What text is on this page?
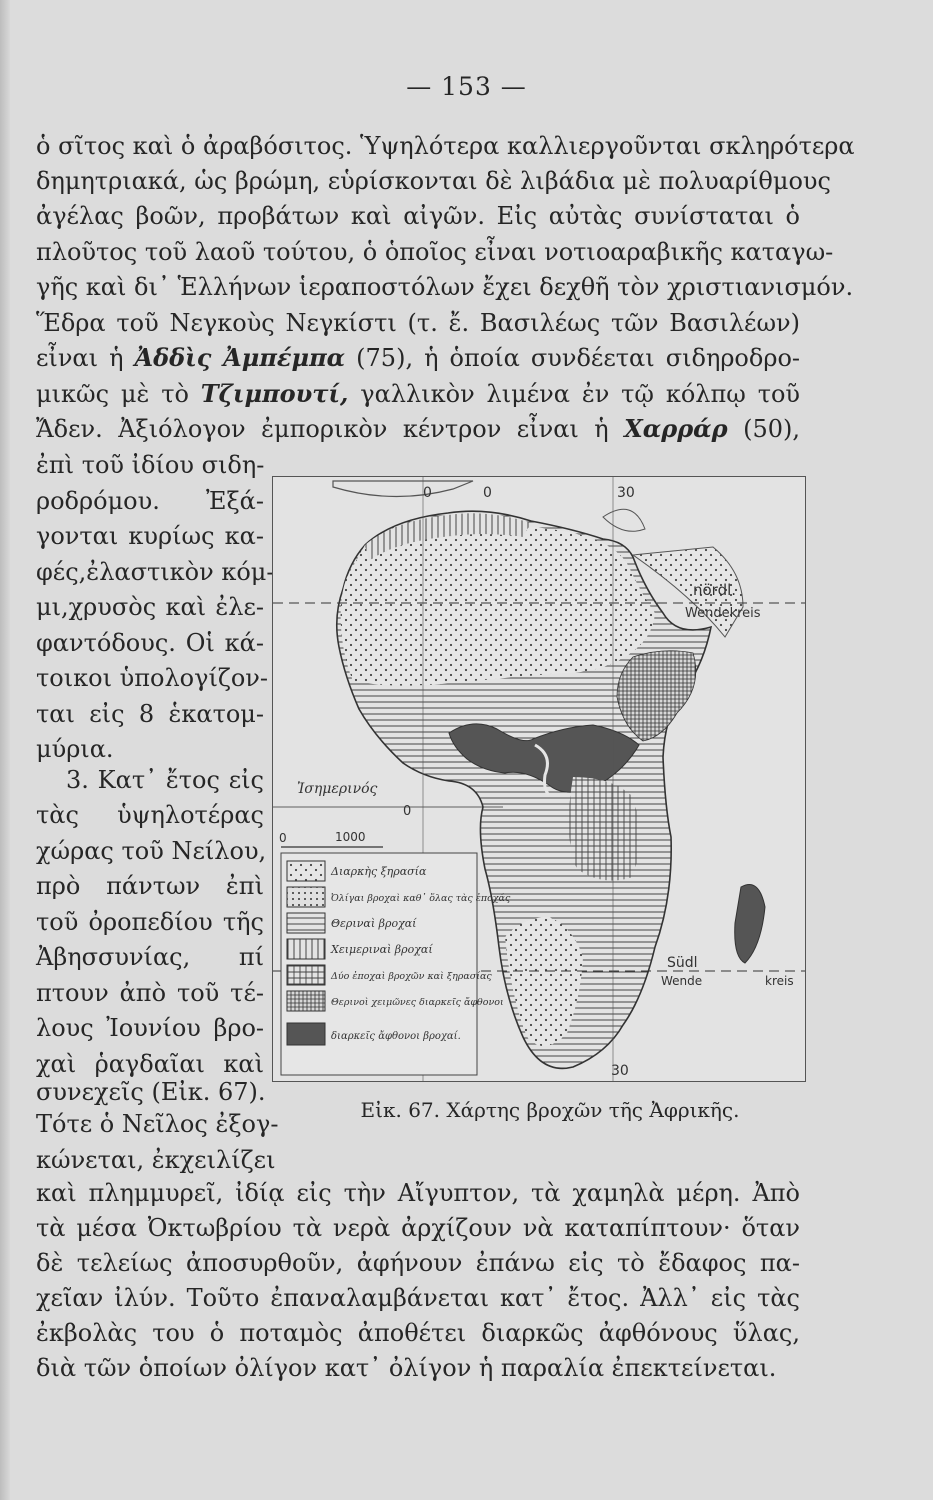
— 153 —
ὁ σῖτος καὶ ὁ ἀραβόσιτος. Ὑψηλότερα καλλιεργοῦνται σκληρότερα
δημητριακά, ὡς βρώμη, εὑρίσκονται δὲ λιβάδια μὲ πολυαρίθμους
ἀγέλας βοῶν, προβάτων καὶ αἰγῶν. Εἰς αὐτὰς συνίσταται ὁ
πλοῦτος τοῦ λαοῦ τούτου, ὁ ὁποῖος εἶναι νοτιοαραβικῆς καταγω-
γῆς καὶ δι᾽ Ἑλλήνων ἱεραποστόλων ἔχει δεχθῆ τὸν χριστιανισμόν.
Ἕδρα τοῦ Νεγκοὺς Νεγκίστι (τ. ἔ. Βασιλέως τῶν Βασιλέων)
εἶναι ἡ Ἀδδὶς Ἀμπέμπα (75), ἡ ὁποία συνδέεται σιδηροδρο-
μικῶς μὲ τὸ Τζιμπουτί, γαλλικὸν λιμένα ἐν τῷ κόλπῳ τοῦ
Ἄδεν. Ἀξιόλογον ἐμπορικὸν κέντρον εἶναι ἡ Χαρράρ (50),
ἐπὶ τοῦ ἰδίου σιδη-
ροδρόμου. Ἐξά-
γονται κυρίως κα-
φές,ἐλαστικὸν κόμ-
μι,χρυσὸς καὶ ἐλε-
φαντόδους. Οἱ κά-
τοικοι ὑπολογίζον-
ται εἰς 8 ἑκατομ-
μύρια.
3. Κατ᾽ ἔτος εἰς
τὰς ὑψηλοτέρας
χώρας τοῦ Νείλου,
πρὸ πάντων ἐπὶ
τοῦ ὀροπεδίου τῆς
Ἀβησσυνίας, πί
πτουν ἀπὸ τοῦ τέ-
λους Ἰουνίου βρο-
χαὶ ῥαγδαῖαι καὶ
συνεχεῖς (Εἰκ. 67).
Τότε ὁ Νεῖλος ἐξογ-
κώνεται, ἐκχειλίζει
καὶ πλημμυρεῖ, ἰδίᾳ εἰς τὴν Αἴγυπτον, τὰ χαμηλὰ μέρη. Ἀπὸ
τὰ μέσα Ὀκτωβρίου τὰ νερὰ ἀρχίζουν νὰ καταπίπτουν· ὅταν
δὲ τελείως ἀποσυρθοῦν, ἀφήνουν ἐπάνω εἰς τὸ ἔδαφος πα-
χεῖαν ἰλύν. Τοῦτο ἐπαναλαμβάνεται κατ᾽ ἔτος. Ἀλλ᾽ εἰς τὰς
ἐκβολὰς του ὁ ποταμὸς ἀποθέτει διαρκῶς ἀφθόνους ὕλας,
διὰ τῶν ὁποίων ὀλίγον κατ᾽ ὀλίγον ἡ παραλία ἐπεκτείνεται.
nördl.
Wendekreis
Südl
Wende	kreis
Ἰσημερινός
0	0	30
30
0
0	1000
Διαρκὴς ξηρασία
Ὀλίγαι βροχαὶ καθ᾽ ὅλας τὰς ἐποχάς
Θεριναὶ βροχαί
Χειμεριναὶ βροχαί
Δύο ἐποχαὶ βροχῶν καὶ ξηρασίας
Θερινοὶ χειμῶνες διαρκεῖς ἄφθονοι
διαρκεῖς ἄφθονοι βροχαί.
Εἰκ. 67. Χάρτης βροχῶν τῆς Ἀφρικῆς.
